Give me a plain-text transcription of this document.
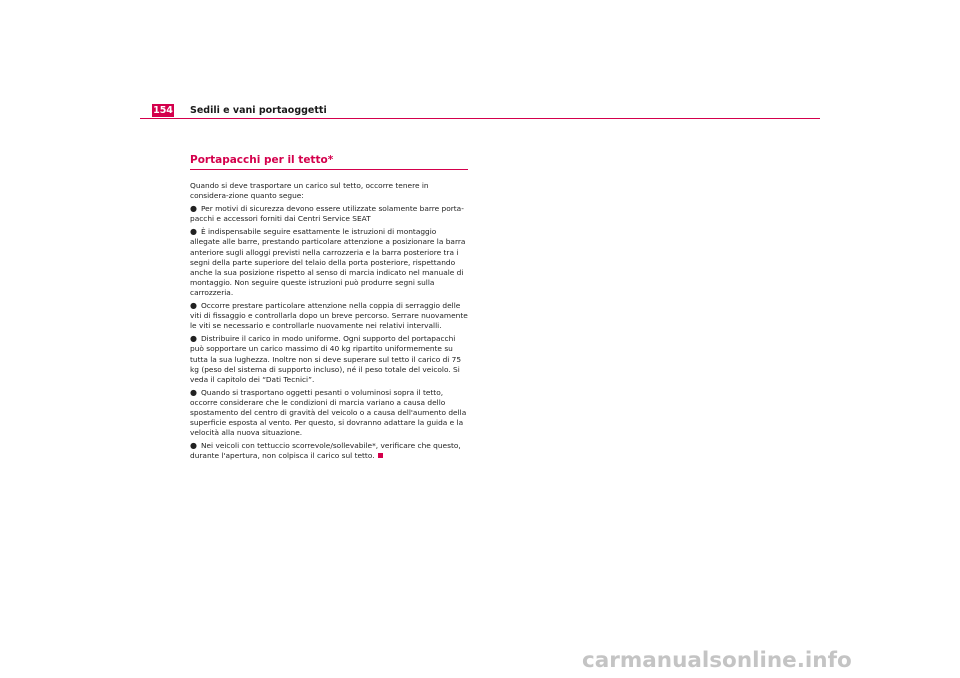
154 Sedili e vani portaoggetti
Portapacchi per il tetto*

Quando si deve trasportare un carico sul tetto, occorre tenere in considera-zione quanto segue:

● Per motivi di sicurezza devono essere utilizzate solamente barre porta-pacchi e accessori forniti dai Centri Service SEAT
● È indispensabile seguire esattamente le istruzioni di montaggio allegate alle barre, prestando particolare attenzione a posizionare la barra anteriore sugli alloggi previsti nella carrozzeria e la barra posteriore tra i segni della parte superiore del telaio della porta posteriore, rispettando anche la sua posizione rispetto al senso di marcia indicato nel manuale di montaggio. Non seguire queste istruzioni può produrre segni sulla carrozzeria.
● Occorre prestare particolare attenzione nella coppia di serraggio delle viti di fissaggio e controllarla dopo un breve percorso. Serrare nuovamente le viti se necessario e controllarle nuovamente nei relativi intervalli.
● Distribuire il carico in modo uniforme. Ogni supporto del portapacchi può sopportare un carico massimo di 40 kg ripartito uniformemente su tutta la sua lughezza. Inoltre non si deve superare sul tetto il carico di 75 kg (peso del sistema di supporto incluso), né il peso totale del veicolo. Si veda il capitolo dei “Dati Tecnici”.
● Quando si trasportano oggetti pesanti o voluminosi sopra il tetto, occorre considerare che le condizioni di marcia variano a causa dello spostamento del centro di gravità del veicolo o a causa dell'aumento della superficie esposta al vento. Per questo, si dovranno adattare la guida e la velocità alla nuova situazione.
● Nei veicoli con tettuccio scorrevole/sollevabile*, verificare che questo, durante l'apertura, non colpisca il carico sul tetto.
carmanualsonline.info
